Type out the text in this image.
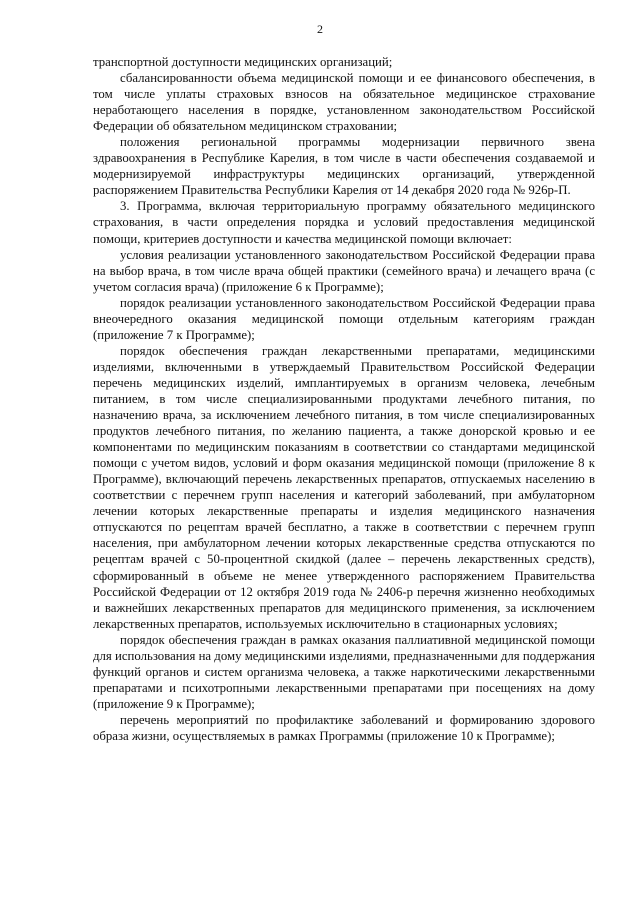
2

транспортной доступности медицинских организаций;

сбалансированности объема медицинской помощи и ее финансового обеспечения, в том числе уплаты страховых взносов на обязательное медицинское страхование неработающего населения в порядке, установленном законодательством Российской Федерации об обязательном медицинском страховании;

положения региональной программы модернизации первичного звена здравоохранения в Республике Карелия, в том числе в части обеспечения создаваемой и модернизируемой инфраструктуры медицинских организаций, утвержденной распоряжением Правительства Республики Карелия от 14 декабря 2020 года № 926р-П.

3. Программа, включая территориальную программу обязательного медицинского страхования, в части определения порядка и условий предоставления медицинской помощи, критериев доступности и качества медицинской помощи включает:

условия реализации установленного законодательством Российской Федерации права на выбор врача, в том числе врача общей практики (семейного врача) и лечащего врача (с учетом согласия врача) (приложение 6 к Программе);

порядок реализации установленного законодательством Российской Федерации права внеочередного оказания медицинской помощи отдельным категориям граждан (приложение 7 к Программе);

порядок обеспечения граждан лекарственными препаратами, медицинскими изделиями, включенными в утверждаемый Правительством Российской Федерации перечень медицинских изделий, имплантируемых в организм человека, лечебным питанием, в том числе специализированными продуктами лечебного питания, по назначению врача, за исключением лечебного питания, в том числе специализированных продуктов лечебного питания, по желанию пациента, а также донорской кровью и ее компонентами по медицинским показаниям в соответствии со стандартами медицинской помощи с учетом видов, условий и форм оказания медицинской помощи (приложение 8 к Программе), включающий перечень лекарственных препаратов, отпускаемых населению в соответствии с перечнем групп населения и категорий заболеваний, при амбулаторном лечении которых лекарственные препараты и изделия медицинского назначения отпускаются по рецептам врачей бесплатно, а также в соответствии с перечнем групп населения, при амбулаторном лечении которых лекарственные средства отпускаются по рецептам врачей с 50-процентной скидкой (далее – перечень лекарственных средств), сформированный в объеме не менее утвержденного распоряжением Правительства Российской Федерации от 12 октября 2019 года № 2406-р перечня жизненно необходимых и важнейших лекарственных препаратов для медицинского применения, за исключением лекарственных препаратов, используемых исключительно в стационарных условиях;

порядок обеспечения граждан в рамках оказания паллиативной медицинской помощи для использования на дому медицинскими изделиями, предназначенными для поддержания функций органов и систем организма человека, а также наркотическими лекарственными препаратами и психотропными лекарственными препаратами при посещениях на дому (приложение 9 к Программе);

перечень мероприятий по профилактике заболеваний и формированию здорового образа жизни, осуществляемых в рамках Программы (приложение 10 к Программе);
